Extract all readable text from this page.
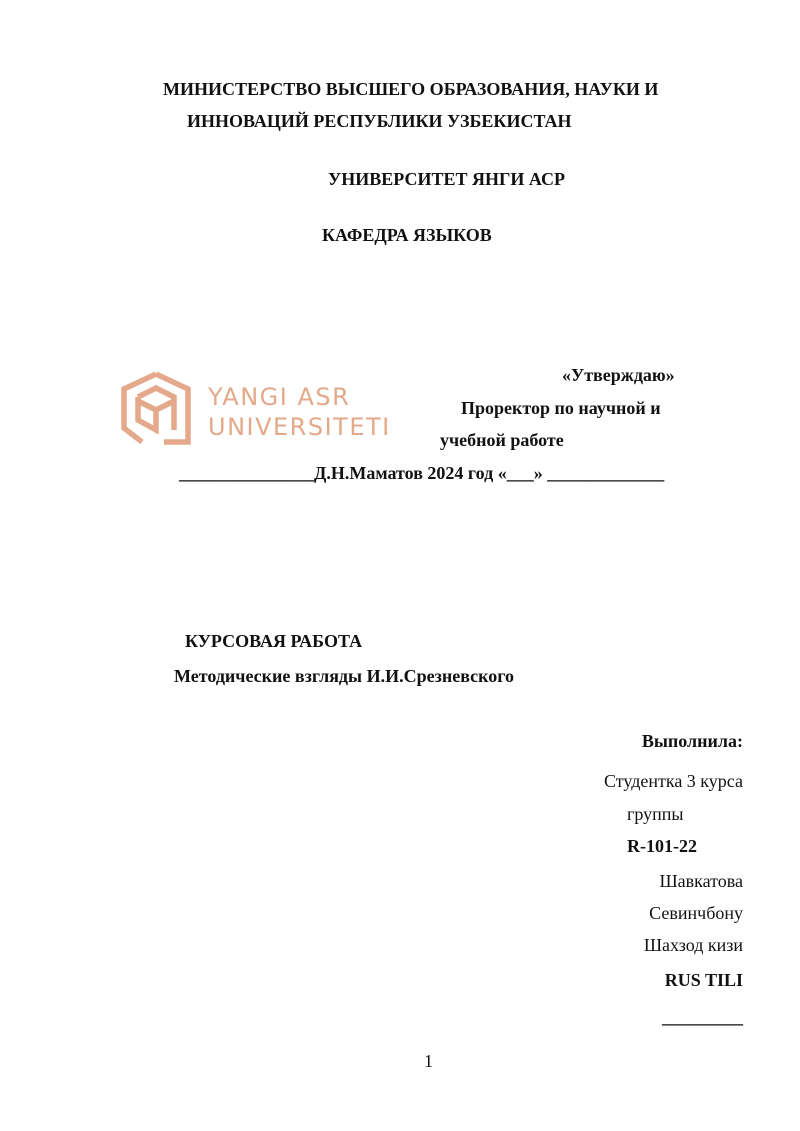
МИНИСТЕРСТВО ВЫСШЕГО ОБРАЗОВАНИЯ, НАУКИ И
ИННОВАЦИЙ РЕСПУБЛИКИ УЗБЕКИСТАН
УНИВЕРСИТЕТ ЯНГИ АСР
КАФЕДРА ЯЗЫКОВ
YANGI ASR
UNIVERSITETI
«Утверждаю»
Проректор по научной и
учебной работе
_______________Д.Н.Маматов 2024 год «___» _____________
КУРСОВАЯ РАБОТА
Методические взгляды И.И.Срезневского
Выполнила:
Студентка 3 курса
группы
R-101-22
Шавкатова
Севинчбону
Шахзод кизи
RUS TILI
_________
1
